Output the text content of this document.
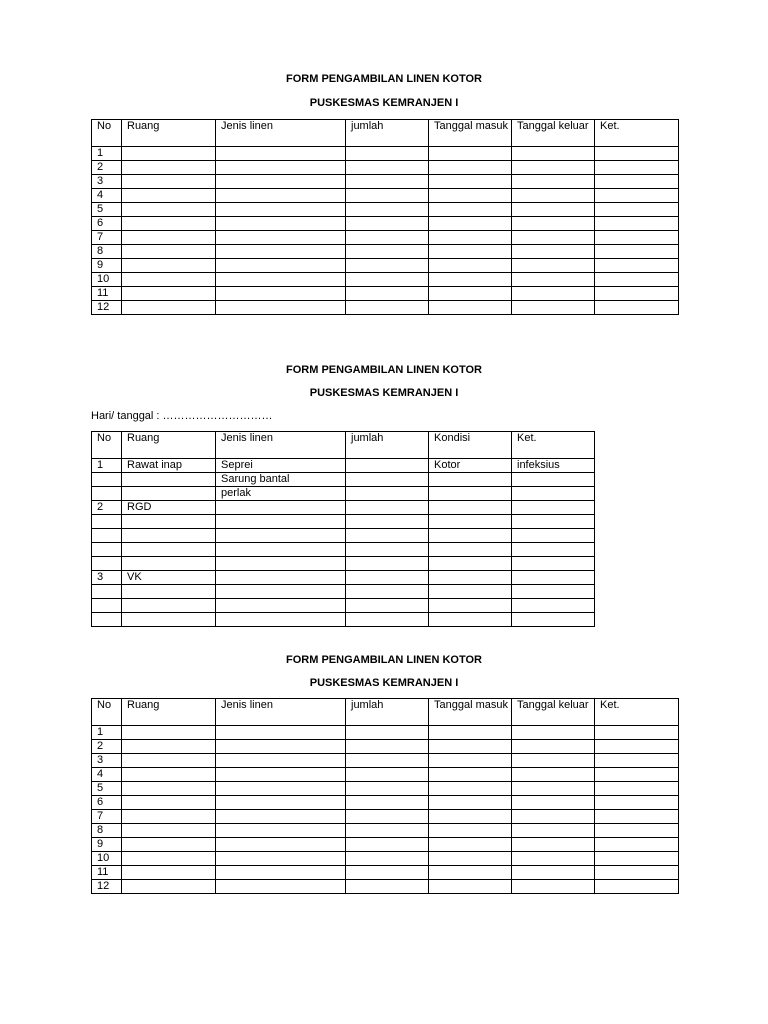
FORM PENGAMBILAN LINEN KOTOR
PUSKESMAS KEMRANJEN I
No	Ruang	Jenis linen	jumlah	Tanggal masuk	Tanggal keluar	Ket.
1						
2						
3						
4						
5						
6						
7						
8						
9						
10						
11						
12						
FORM PENGAMBILAN LINEN KOTOR
PUSKESMAS KEMRANJEN I
Hari/ tanggal : …………………………
No	Ruang	Jenis linen	jumlah	Kondisi	Ket.
1	Rawat inap	Seprei		Kotor	infeksius
		Sarung bantal			
		perlak			
2	RGD				

3	VK				

FORM PENGAMBILAN LINEN KOTOR
PUSKESMAS KEMRANJEN I
No	Ruang	Jenis linen	jumlah	Tanggal masuk	Tanggal keluar	Ket.
1						
2						
3						
4						
5						
6						
7						
8						
9						
10						
11						
12						
